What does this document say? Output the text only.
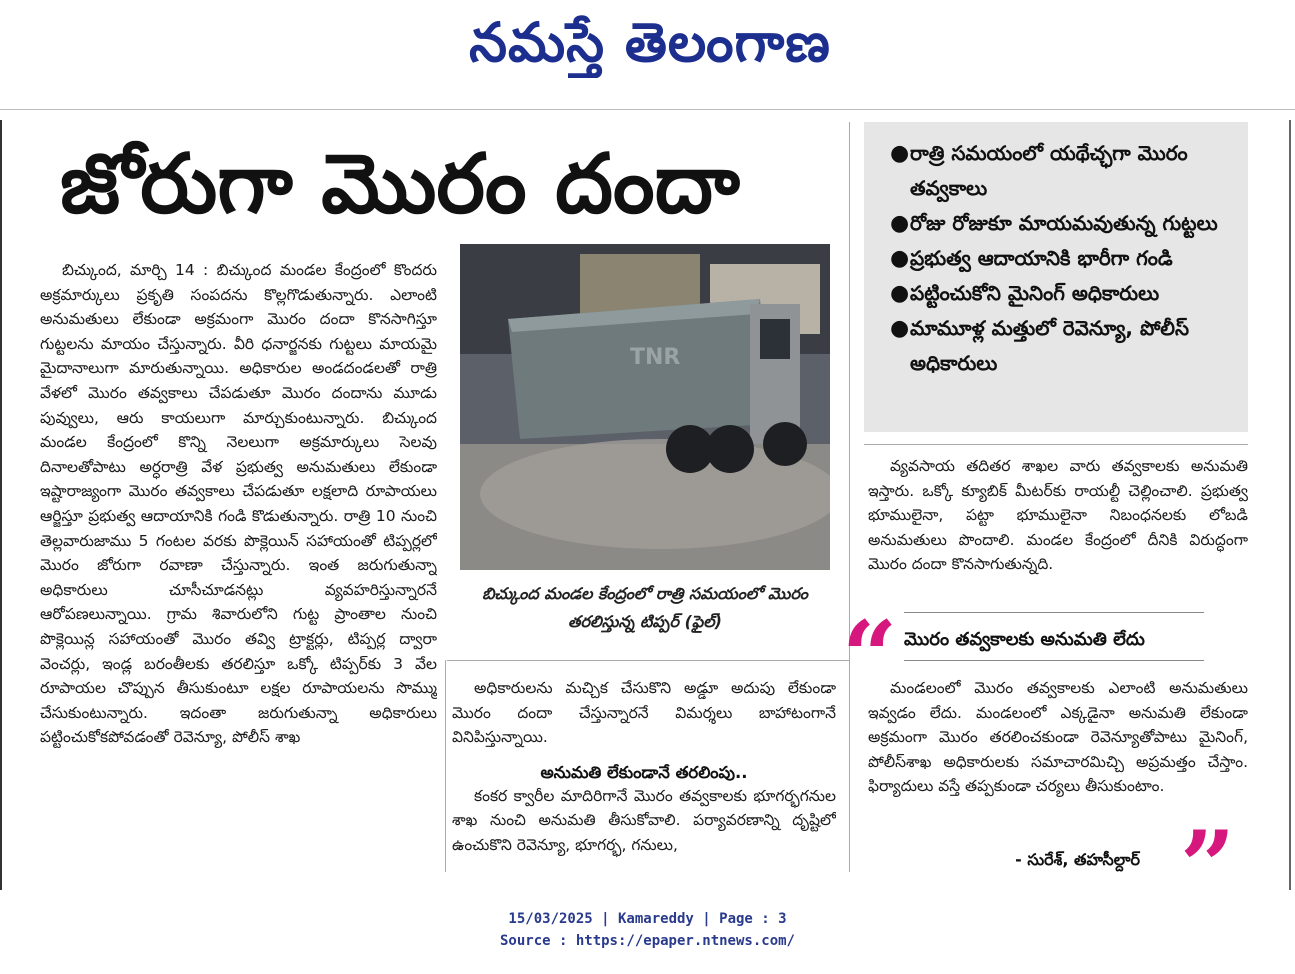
నమస్తే తెలంగాణ
జోరుగా మొరం దందా	● రాత్రి సమయంలో యథేచ్ఛగా మొరం తవ్వకాలు
● రోజు రోజుకూ మాయమవుతున్న గుట్టలు
● ప్రభుత్వ ఆదాయానికి భారీగా గండి
● పట్టించుకోని మైనింగ్ అధికారులు
● మామూళ్ల మత్తులో రెవెన్యూ, పోలీస్ అధికారులు

బిచ్కుంద, మార్చి 14 : బిచ్కుంద మండల కేంద్రంలో కొందరు అక్రమార్కులు ప్రకృతి సంపదను కొల్లగొడుతున్నారు. ఎలాంటి అనుమతులు లేకుండా అక్రమంగా మొరం దందా కొనసాగిస్తూ గుట్టలను మాయం చేస్తున్నారు. వీరి ధనార్జనకు గుట్టలు మాయమై మైదానాలుగా మారుతున్నాయి. అధికారుల అండదండలతో రాత్రి వేళలో మొరం తవ్వకాలు చేపడుతూ మొరం దందాను మూడు పువ్వులు, ఆరు కాయలుగా మార్చుకుంటున్నారు. బిచ్కుంద మండల కేంద్రంలో కొన్ని నెలలుగా అక్రమార్కులు సెలవు దినాలతోపాటు అర్ధరాత్రి వేళ ప్రభుత్వ అనుమతులు లేకుండా ఇష్టారాజ్యంగా మొరం తవ్వకాలు చేపడుతూ లక్షలాది రూపాయలు ఆర్జిస్తూ ప్రభుత్వ ఆదాయానికి గండి కొడుతున్నారు. రాత్రి 10 నుంచి తెల్లవారుజాము 5 గంటల వరకు పొక్లెయిన్ సహాయంతో టిప్పర్లలో మొరం జోరుగా రవాణా చేస్తున్నారు. ఇంత జరుగుతున్నా అధికారులు చూసీచూడనట్లు వ్యవహరిస్తున్నారనే ఆరోపణలున్నాయి. గ్రామ శివారులోని గుట్ట ప్రాంతాల నుంచి పొక్లెయిన్ల సహాయంతో మొరం తవ్వి ట్రాక్టర్లు, టిప్పర్ల ద్వారా వెంచర్లు, ఇండ్ల బరంతీలకు తరలిస్తూ ఒక్కో టిప్పర్‌కు 3 వేల రూపాయల చొప్పున తీసుకుంటూ లక్షల రూపాయలను సొమ్ము చేసుకుంటున్నారు. ఇదంతా జరుగుతున్నా అధికారులు పట్టించుకోకపోవడంతో రెవెన్యూ, పోలీస్ శాఖ

TNR
బిచ్కుంద మండల కేంద్రంలో రాత్రి సమయంలో మొరం తరలిస్తున్న టిప్పర్ (ఫైల్)

అధికారులను మచ్చిక చేసుకొని అడ్డూ అదుపు లేకుండా మొరం దందా చేస్తున్నారనే విమర్శలు బాహాటంగానే వినిపిస్తున్నాయి.

కంకర క్వారీల మాదిరిగానే మొరం తవ్వకాలకు భూగర్భగనుల శాఖ నుంచి అనుమతి తీసుకోవాలి. పర్యావరణాన్ని దృష్టిలో ఉంచుకొని రెవెన్యూ, భూగర్భ, గనులు,

అనుమతి లేకుండానే తరలింపు..

వ్యవసాయ తదితర శాఖల వారు తవ్వకాలకు అనుమతి ఇస్తారు. ఒక్కో క్యూబిక్ మీటర్‌కు రాయల్టీ చెల్లించాలి. ప్రభుత్వ భూములైనా, పట్టా భూములైనా నిబంధనలకు లోబడి అనుమతులు పొందాలి. మండల కేంద్రంలో దీనికి విరుద్ధంగా మొరం దందా కొనసాగుతున్నది.

“ మొరం తవ్వకాలకు అనుమతి లేదు

మండలంలో మొరం తవ్వకాలకు ఎలాంటి అనుమతులు ఇవ్వడం లేదు. మండలంలో ఎక్కడైనా అనుమతి లేకుండా అక్రమంగా మొరం తరలించకుండా రెవెన్యూతోపాటు మైనింగ్, పోలీస్‌శాఖ అధికారులకు సమాచారమిచ్చి అప్రమత్తం చేస్తాం. ఫిర్యాదులు వస్తే తప్పకుండా చర్యలు తీసుకుంటాం.

- సురేశ్, తహసీల్దార్ ”
15/03/2025 | Kamareddy | Page : 3
Source : https://epaper.ntnews.com/
